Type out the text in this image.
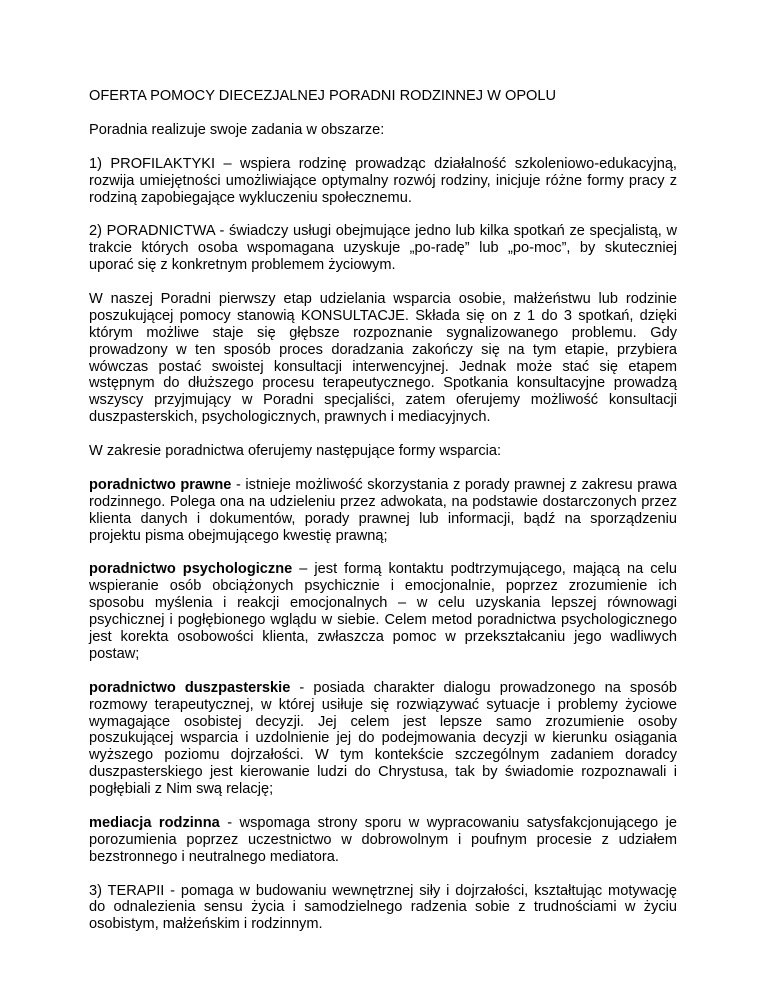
OFERTA POMOCY DIECEZJALNEJ PORADNI RODZINNEJ W OPOLU

Poradnia realizuje swoje zadania w obszarze:

1) PROFILAKTYKI – wspiera rodzinę prowadząc działalność szkoleniowo-edukacyjną, rozwija umiejętności umożliwiające optymalny rozwój rodziny, inicjuje różne formy pracy z rodziną zapobiegające wykluczeniu społecznemu.

2) PORADNICTWA - świadczy usługi obejmujące jedno lub kilka spotkań ze specjalistą, w trakcie których osoba wspomagana uzyskuje „po-radę” lub „po-moc”, by skuteczniej uporać się z konkretnym problemem życiowym.

W naszej Poradni pierwszy etap udzielania wsparcia osobie, małżeństwu lub rodzinie poszukującej pomocy stanowią KONSULTACJE. Składa się on z 1 do 3 spotkań, dzięki którym możliwe staje się głębsze rozpoznanie sygnalizowanego problemu. Gdy prowadzony w ten sposób proces doradzania zakończy się na tym etapie, przybiera wówczas postać swoistej konsultacji interwencyjnej. Jednak może stać się etapem wstępnym do dłuższego procesu terapeutycznego. Spotkania konsultacyjne prowadzą wszyscy przyjmujący w Poradni specjaliści, zatem oferujemy możliwość konsultacji duszpasterskich, psychologicznych, prawnych i mediacyjnych.

W zakresie poradnictwa oferujemy następujące formy wsparcia:

poradnictwo prawne - istnieje możliwość skorzystania z porady prawnej z zakresu prawa rodzinnego. Polega ona na udzieleniu przez adwokata, na podstawie dostarczonych przez klienta danych i dokumentów, porady prawnej lub informacji, bądź na sporządzeniu projektu pisma obejmującego kwestię prawną;

poradnictwo psychologiczne – jest formą kontaktu podtrzymującego, mającą na celu wspieranie osób obciążonych psychicznie i emocjonalnie, poprzez zrozumienie ich sposobu myślenia i reakcji emocjonalnych – w celu uzyskania lepszej równowagi psychicznej i pogłębionego wglądu w siebie. Celem metod poradnictwa psychologicznego jest korekta osobowości klienta, zwłaszcza pomoc w przekształcaniu jego wadliwych postaw;

poradnictwo duszpasterskie - posiada charakter dialogu prowadzonego na sposób rozmowy terapeutycznej, w której usiłuje się rozwiązywać sytuacje i problemy życiowe wymagające osobistej decyzji. Jej celem jest lepsze samo zrozumienie osoby poszukującej wsparcia i uzdolnienie jej do podejmowania decyzji w kierunku osiągania wyższego poziomu dojrzałości. W tym kontekście szczególnym zadaniem doradcy duszpasterskiego jest kierowanie ludzi do Chrystusa, tak by świadomie rozpoznawali i pogłębiali z Nim swą relację;

mediacja rodzinna - wspomaga strony sporu w wypracowaniu satysfakcjonującego je porozumienia poprzez uczestnictwo w dobrowolnym i poufnym procesie z udziałem bezstronnego i neutralnego mediatora.

3) TERAPII - pomaga w budowaniu wewnętrznej siły i dojrzałości, kształtując motywację do odnalezienia sensu życia i samodzielnego radzenia sobie z trudnościami w życiu osobistym, małżeńskim i rodzinnym.
